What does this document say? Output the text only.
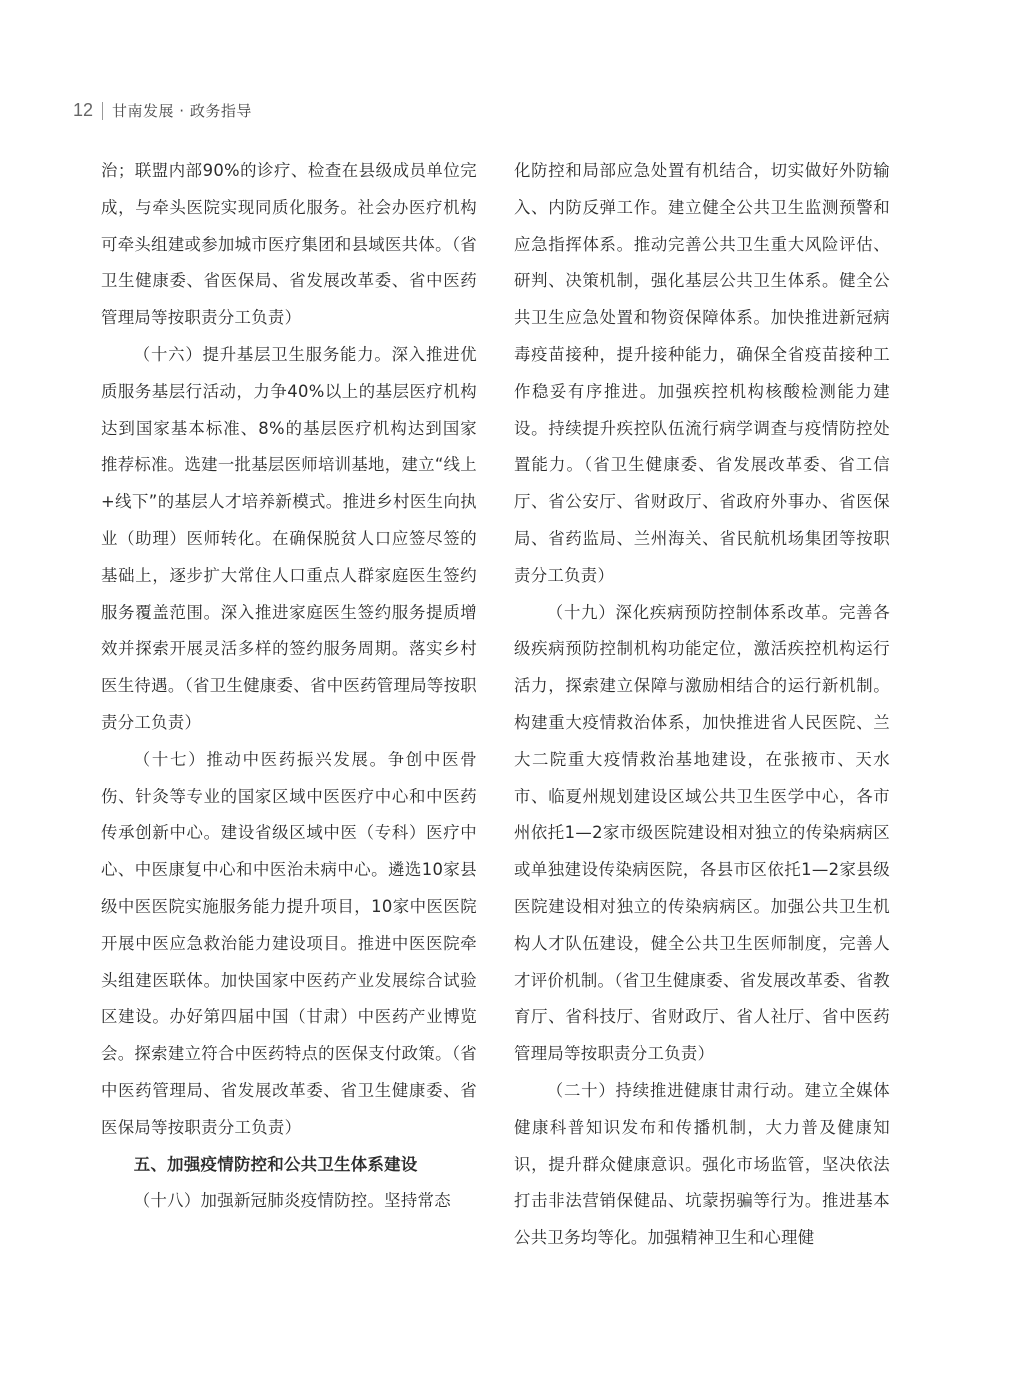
12 甘南发展 · 政务指导

治；联盟内部90%的诊疗、检查在县级成员单位完成，与牵头医院实现同质化服务。社会办医疗机构可牵头组建或参加城市医疗集团和县域医共体。（省卫生健康委、省医保局、省发展改革委、省中医药管理局等按职责分工负责）

（十六）提升基层卫生服务能力。深入推进优质服务基层行活动，力争40%以上的基层医疗机构达到国家基本标准、8%的基层医疗机构达到国家推荐标准。选建一批基层医师培训基地，建立“线上+线下”的基层人才培养新模式。推进乡村医生向执业（助理）医师转化。在确保脱贫人口应签尽签的基础上，逐步扩大常住人口重点人群家庭医生签约服务覆盖范围。深入推进家庭医生签约服务提质增效并探索开展灵活多样的签约服务周期。落实乡村医生待遇。（省卫生健康委、省中医药管理局等按职责分工负责）

（十七）推动中医药振兴发展。争创中医骨伤、针灸等专业的国家区域中医医疗中心和中医药传承创新中心。建设省级区域中医（专科）医疗中心、中医康复中心和中医治未病中心。遴选10家县级中医医院实施服务能力提升项目，10家中医医院开展中医应急救治能力建设项目。推进中医医院牵头组建医联体。加快国家中医药产业发展综合试验区建设。办好第四届中国（甘肃）中医药产业博览会。探索建立符合中医药特点的医保支付政策。（省中医药管理局、省发展改革委、省卫生健康委、省医保局等按职责分工负责）

五、加强疫情防控和公共卫生体系建设

（十八）加强新冠肺炎疫情防控。坚持常态

化防控和局部应急处置有机结合，切实做好外防输入、内防反弹工作。建立健全公共卫生监测预警和应急指挥体系。推动完善公共卫生重大风险评估、研判、决策机制，强化基层公共卫生体系。健全公共卫生应急处置和物资保障体系。加快推进新冠病毒疫苗接种，提升接种能力，确保全省疫苗接种工作稳妥有序推进。加强疾控机构核酸检测能力建设。持续提升疾控队伍流行病学调查与疫情防控处置能力。（省卫生健康委、省发展改革委、省工信厅、省公安厅、省财政厅、省政府外事办、省医保局、省药监局、兰州海关、省民航机场集团等按职责分工负责）

（十九）深化疾病预防控制体系改革。完善各级疾病预防控制机构功能定位，激活疾控机构运行活力，探索建立保障与激励相结合的运行新机制。构建重大疫情救治体系，加快推进省人民医院、兰大二院重大疫情救治基地建设，在张掖市、天水市、临夏州规划建设区域公共卫生医学中心，各市州依托1—2家市级医院建设相对独立的传染病病区或单独建设传染病医院，各县市区依托1—2家县级医院建设相对独立的传染病病区。加强公共卫生机构人才队伍建设，健全公共卫生医师制度，完善人才评价机制。（省卫生健康委、省发展改革委、省教育厅、省科技厅、省财政厅、省人社厅、省中医药管理局等按职责分工负责）

（二十）持续推进健康甘肃行动。建立全媒体健康科普知识发布和传播机制，大力普及健康知识，提升群众健康意识。强化市场监管，坚决依法打击非法营销保健品、坑蒙拐骗等行为。推进基本公共卫务均等化。加强精神卫生和心理健
